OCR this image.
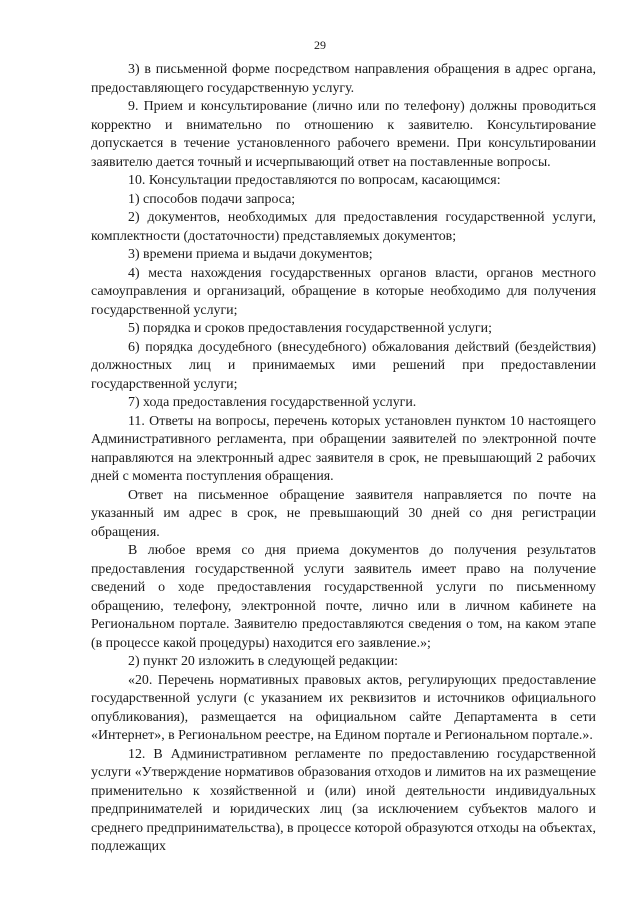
29

3) в письменной форме посредством направления обращения в адрес органа, предоставляющего государственную услугу.

9. Прием и консультирование (лично или по телефону) должны проводиться корректно и внимательно по отношению к заявителю. Консультирование допускается в течение установленного рабочего времени. При консультировании заявителю дается точный и исчерпывающий ответ на поставленные вопросы.

10. Консультации предоставляются по вопросам, касающимся:

1) способов подачи запроса;

2) документов, необходимых для предоставления государственной услуги, комплектности (достаточности) представляемых документов;

3) времени приема и выдачи документов;

4) места нахождения государственных органов власти, органов местного самоуправления и организаций, обращение в которые необходимо для получения государственной услуги;

5) порядка и сроков предоставления государственной услуги;

6) порядка досудебного (внесудебного) обжалования действий (бездействия) должностных лиц и принимаемых ими решений при предоставлении государственной услуги;

7) хода предоставления государственной услуги.

11. Ответы на вопросы, перечень которых установлен пунктом 10 настоящего Административного регламента, при обращении заявителей по электронной почте направляются на электронный адрес заявителя в срок, не превышающий 2 рабочих дней с момента поступления обращения.

Ответ на письменное обращение заявителя направляется по почте на указанный им адрес в срок, не превышающий 30 дней со дня регистрации обращения.

В любое время со дня приема документов до получения результатов предоставления государственной услуги заявитель имеет право на получение сведений о ходе предоставления государственной услуги по письменному обращению, телефону, электронной почте, лично или в личном кабинете на Региональном портале. Заявителю предоставляются сведения о том, на каком этапе (в процессе какой процедуры) находится его заявление.»;

2) пункт 20 изложить в следующей редакции:

«20. Перечень нормативных правовых актов, регулирующих предоставление государственной услуги (с указанием их реквизитов и источников официального опубликования), размещается на официальном сайте Департамента в сети «Интернет», в Региональном реестре, на Едином портале и Региональном портале.».

12. В Административном регламенте по предоставлению государственной услуги «Утверждение нормативов образования отходов и лимитов на их размещение применительно к хозяйственной и (или) иной деятельности индивидуальных предпринимателей и юридических лиц (за исключением субъектов малого и среднего предпринимательства), в процессе которой образуются отходы на объектах, подлежащих
